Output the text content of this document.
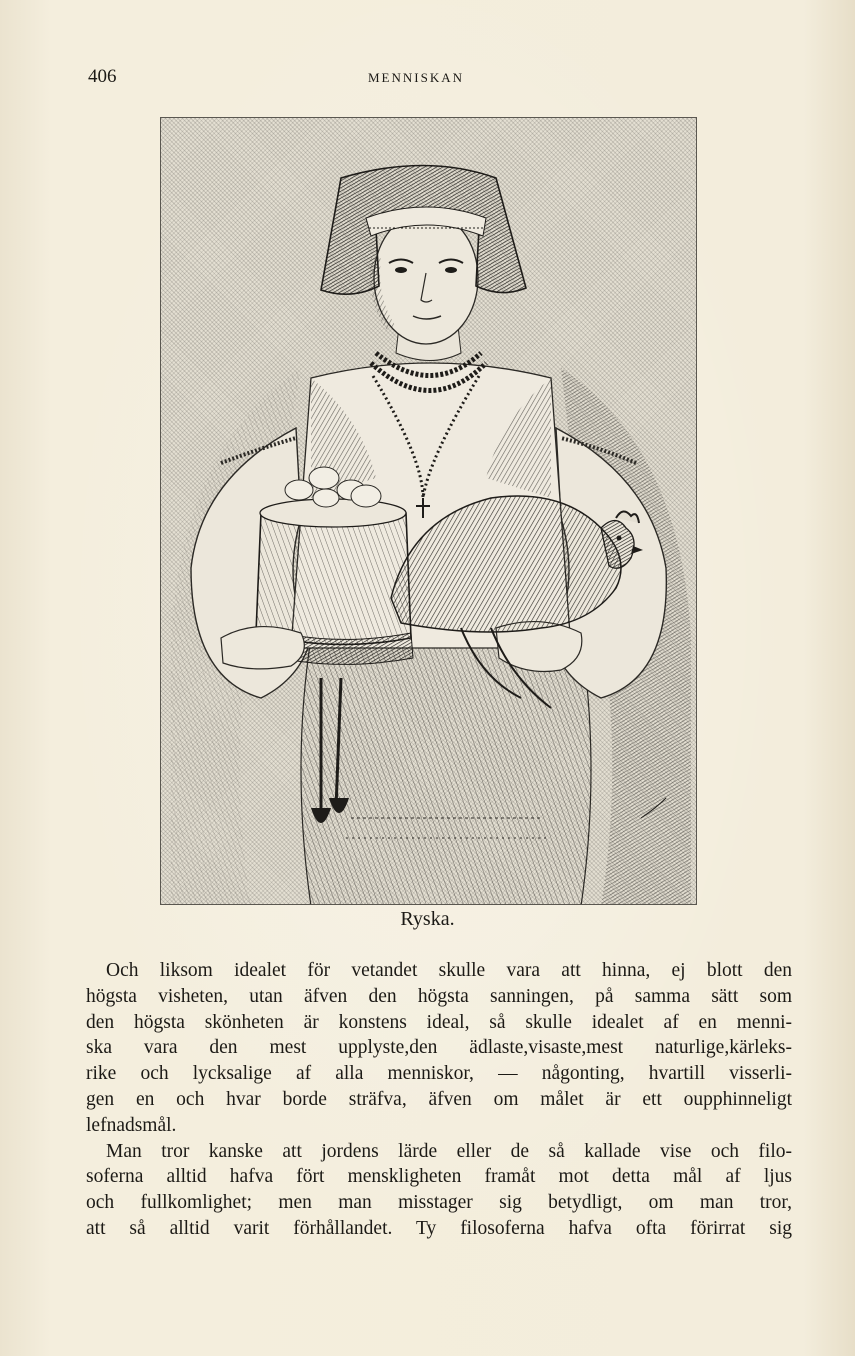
406	MENNISKAN
Ryska.
Och liksom idealet för vetandet skulle vara att hinna, ej blott den
högsta visheten, utan äfven den högsta sanningen, på samma sätt som
den högsta skönheten är konstens ideal, så skulle idealet af en menni-
ska vara den mest upplyste,den ädlaste,visaste,mest naturlige,kärleks-
rike och lycksalige af alla menniskor, — någonting, hvartill visserli-
gen en och hvar borde sträfva, äfven om målet är ett oupphinneligt
lefnadsmål.
Man tror kanske att jordens lärde eller de så kallade vise och filo-
soferna alltid hafva fört menskligheten framåt mot detta mål af ljus
och fullkomlighet; men man misstager sig betydligt, om man tror,
att så alltid varit förhållandet. Ty filosoferna hafva ofta förirrat sig
